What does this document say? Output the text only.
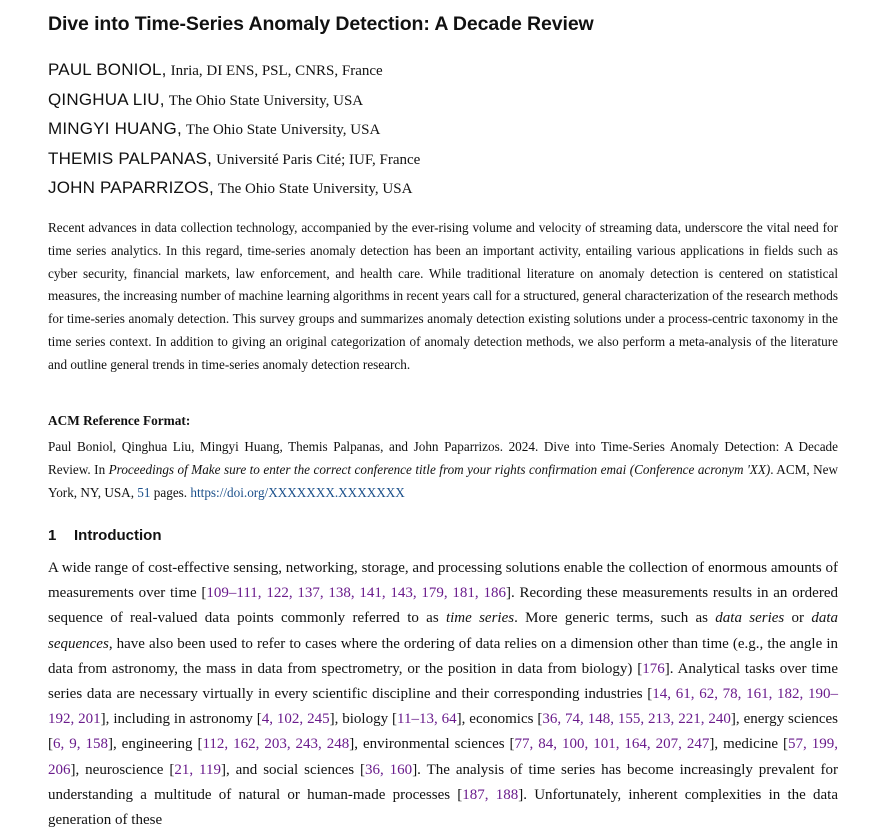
Dive into Time-Series Anomaly Detection: A Decade Review
PAUL BONIOL, Inria, DI ENS, PSL, CNRS, France
QINGHUA LIU, The Ohio State University, USA
MINGYI HUANG, The Ohio State University, USA
THEMIS PALPANAS, Université Paris Cité; IUF, France
JOHN PAPARRIZOS, The Ohio State University, USA
Recent advances in data collection technology, accompanied by the ever-rising volume and velocity of streaming data, underscore the vital need for time series analytics. In this regard, time-series anomaly detection has been an important activity, entailing various applications in fields such as cyber security, financial markets, law enforcement, and health care. While traditional literature on anomaly detection is centered on statistical measures, the increasing number of machine learning algorithms in recent years call for a structured, general characterization of the research methods for time-series anomaly detection. This survey groups and summarizes anomaly detection existing solutions under a process-centric taxonomy in the time series context. In addition to giving an original categorization of anomaly detection methods, we also perform a meta-analysis of the literature and outline general trends in time-series anomaly detection research.
ACM Reference Format:
Paul Boniol, Qinghua Liu, Mingyi Huang, Themis Palpanas, and John Paparrizos. 2024. Dive into Time-Series Anomaly Detection: A Decade Review. In Proceedings of Make sure to enter the correct conference title from your rights confirmation emai (Conference acronym 'XX). ACM, New York, NY, USA, 51 pages. https://doi.org/XXXXXXX.XXXXXXX
1 Introduction
A wide range of cost-effective sensing, networking, storage, and processing solutions enable the collection of enormous amounts of measurements over time [109–111, 122, 137, 138, 141, 143, 179, 181, 186]. Recording these measurements results in an ordered sequence of real-valued data points commonly referred to as time series. More generic terms, such as data series or data sequences, have also been used to refer to cases where the ordering of data relies on a dimension other than time (e.g., the angle in data from astronomy, the mass in data from spectrometry, or the position in data from biology) [176]. Analytical tasks over time series data are necessary virtually in every scientific discipline and their corresponding industries [14, 61, 62, 78, 161, 182, 190–192, 201], including in astronomy [4, 102, 245], biology [11–13, 64], economics [36, 74, 148, 155, 213, 221, 240], energy sciences [6, 9, 158], engineering [112, 162, 203, 243, 248], environmental sciences [77, 84, 100, 101, 164, 207, 247], medicine [57, 199, 206], neuroscience [21, 119], and social sciences [36, 160]. The analysis of time series has become increasingly prevalent for understanding a multitude of natural or human-made processes [187, 188]. Unfortunately, inherent complexities in the data generation of these
